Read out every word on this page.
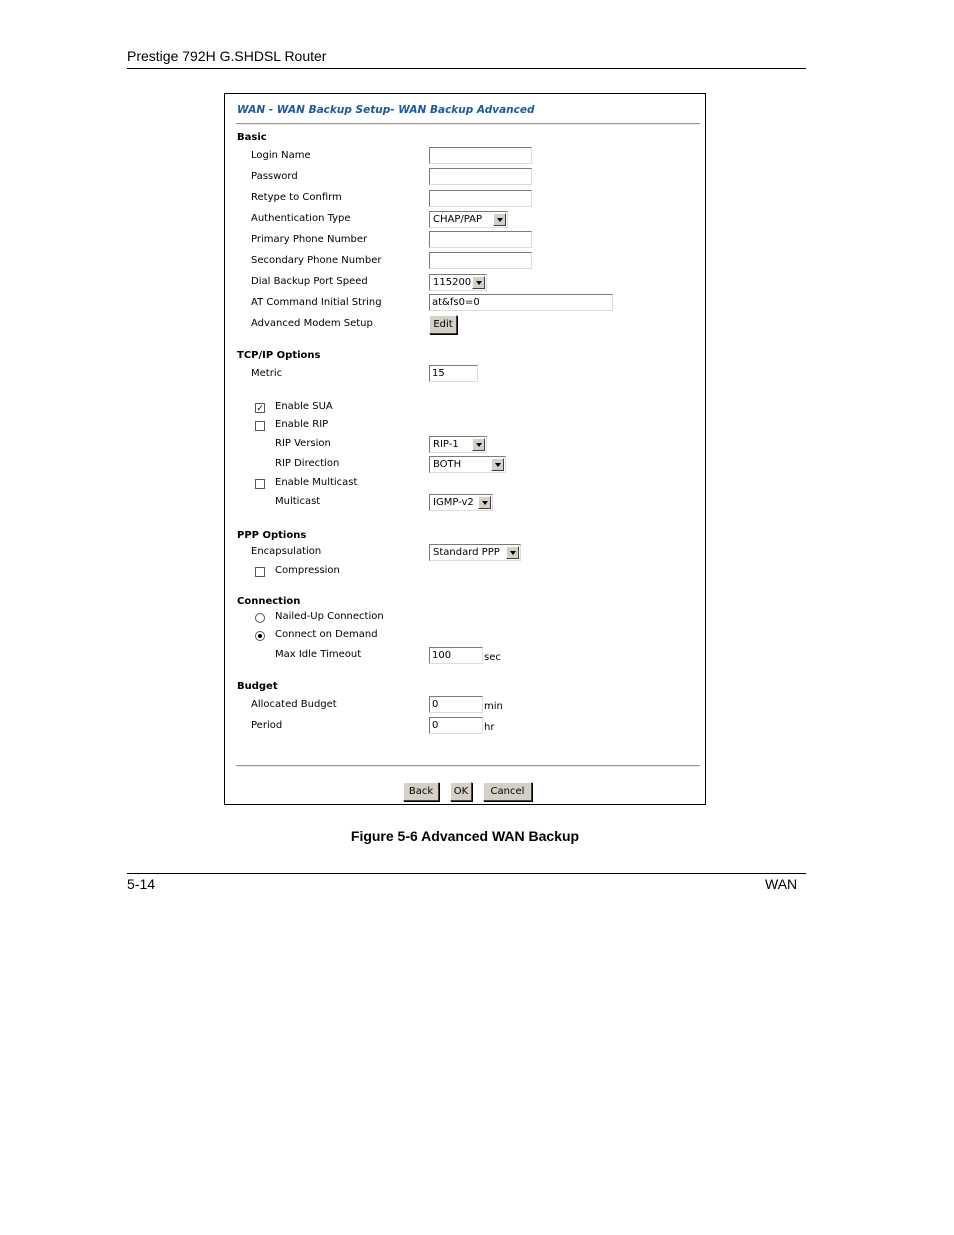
Prestige 792H G.SHDSL Router
WAN - WAN Backup Setup- WAN Backup Advanced
Basic
Login Name
Password
Retype to Confirm
Authentication Type	CHAP/PAP
Primary Phone Number
Secondary Phone Number
Dial Backup Port Speed	115200
AT Command Initial String	at&fs0=0
Advanced Modem Setup	Edit
TCP/IP Options
Metric	15
✓ Enable SUA
Enable RIP
RIP Version	RIP-1
RIP Direction	BOTH
Enable Multicast
Multicast	IGMP-v2
PPP Options
Encapsulation	Standard PPP
Compression
Connection
Nailed-Up Connection
Connect on Demand
Max Idle Timeout	100	sec
Budget
Allocated Budget	0	min
Period	0	hr
Back	OK	Cancel
Figure 5-6 Advanced WAN Backup
5-14	WAN
